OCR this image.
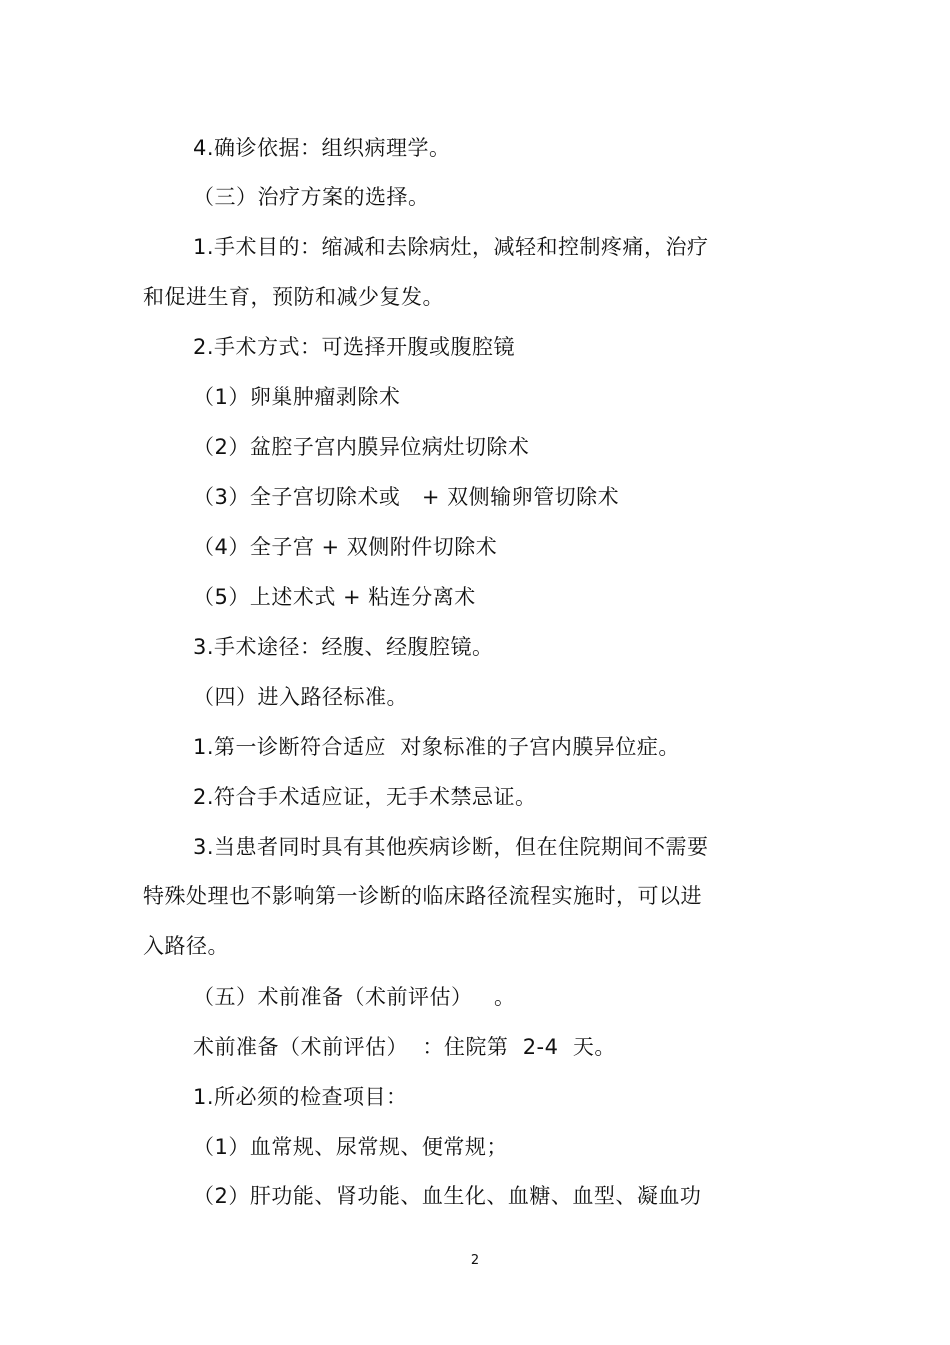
4.确诊依据：组织病理学。
（三）治疗方案的选择。
1.手术目的：缩减和去除病灶，减轻和控制疼痛，治疗
和促进生育，预防和减少复发。
2.手术方式：可选择开腹或腹腔镜
（1）卵巢肿瘤剥除术
（2）盆腔子宫内膜异位病灶切除术
（3）全子宫切除术或   + 双侧输卵管切除术
（4）全子宫 + 双侧附件切除术
（5）上述术式 + 粘连分离术
3.手术途径：经腹、经腹腔镜。
（四）进入路径标准。
1.第一诊断符合适应  对象标准的子宫内膜异位症。
2.符合手术适应证，无手术禁忌证。
3.当患者同时具有其他疾病诊断，但在住院期间不需要
特殊处理也不影响第一诊断的临床路径流程实施时，可以进
入路径。
（五）术前准备（术前评估）   。
术前准备（术前评估）  ：住院第  2-4  天。
1.所必须的检查项目：
（1）血常规、尿常规、便常规；
（2）肝功能、肾功能、血生化、血糖、血型、凝血功
2
